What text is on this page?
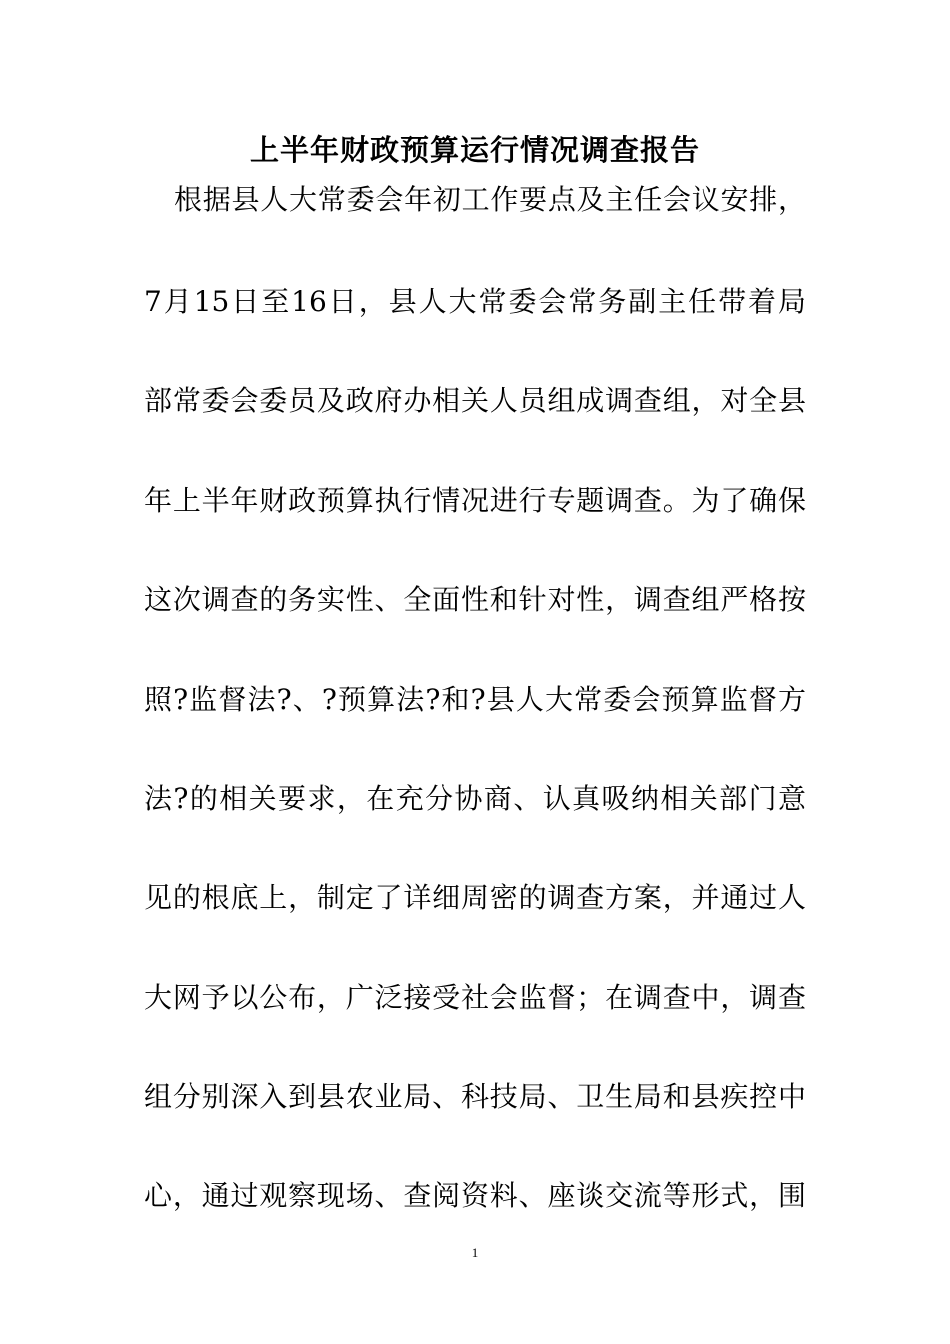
上半年财政预算运行情况调查报告
根据县人大常委会年初工作要点及主任会议安排，
7月15日至16日，县人大常委会常务副主任带着局
部常委会委员及政府办相关人员组成调查组，对全县
年上半年财政预算执行情况进行专题调查。为了确保
这次调查的务实性、全面性和针对性，调查组严格按
照?监督法?、?预算法?和?县人大常委会预算监督方
法?的相关要求，在充分协商、认真吸纳相关部门意
见的根底上，制定了详细周密的调查方案，并通过人
大网予以公布，广泛接受社会监督；在调查中，调查
组分别深入到县农业局、科技局、卫生局和县疾控中
心，通过观察现场、查阅资料、座谈交流等形式，围
1
